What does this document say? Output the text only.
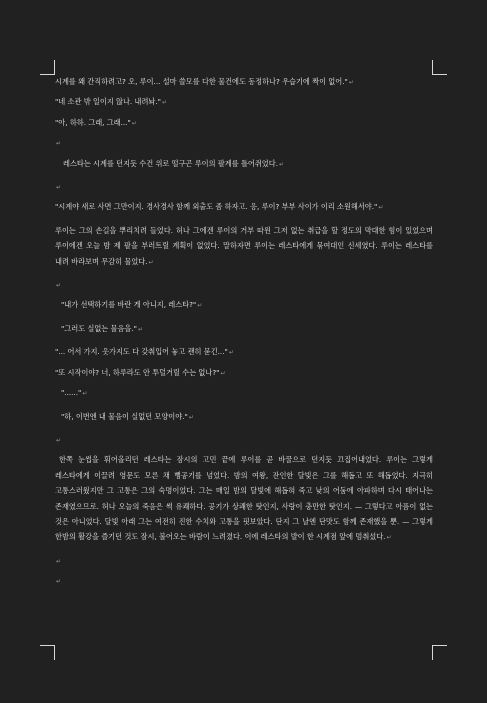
시계를 왜 간직하려고? 오, 루이... 설마 쓸모를 다한 물건에도 동정하나? 우습기에 짝이 없어."↵

"네 소관 밖 일이지 않나. 내려놔."↵

"아, 하하. 그래, 그래..."↵

↵

레스타는 시계를 던지듯 수건 위로 떨구곤 루이의 팔계를 틀어쥐었다.↵

↵

"시계야 새로 사면 그만이지. 경사경사 함께 외출도 좀 하자고. 응, 루이? 부부 사이가 이리 소원해서야."↵

루이는 그의 손길을 뿌리치려 들었다. 허나 그에겐 루이의 거부 따윈 그저 없는 취급을 할 정도의 막대한 힘이 있었으며 루이에겐 오늘 밤 제 팔을 부러트릴 계획이 없었다. 말하자면 루이는 레스타에게 묶여대인 신세였다. 루이는 레스타를 내려 바라보며 무감히 물었다.↵

↵

"내가 선택하기를 바란 게 아니지, 레스타?"↵

"그러도 실없는 물음을."↵

"... 어서 가지. 옷가지도 다 갖춰입어 놓고 괜히 묻긴..."↵

"또 시작이야? 너, 하루라도 안 투덜거릴 수는 없나?"↵

"......"↵

"하, 이번엔 내 물음이 실없던 모양이야."↵

↵

한쪽 눈썹을 휘어올리던 레스타는 잠시의 고민 끝에 루이를 곧 바꿀으로 던지듯 끄집어내었다. 루이는 그렇게 레스타에게 이끌려 영문도 모른 채 뻥공기를 넘었다. 밤의 여왕, 잔인한 달빛은 그를 해돕고 또 해돕었다. 지극히 고통스러웠지만 그 고통은 그의 숙명이었다. 그는 매일 밤의 달빛에 해돕혀 죽고 낮의 어둠에 아파하며 다시 태어나는 존재였으므로. 허나 오늘의 죽음은 썩 유쾌하다. 공기가 상쾌한 탓인지, 사랑이 충만한 탓인지. — 그렇다고 아픔이 없는 것은 아니었다. 달빛 아래 그는 여전히 진한 수치와 고통을 핏보았다. 단지 그 날엔 단맛도 함께 존재했을 뿐. — 그렇게 한밤의 활강을 즐기던 것도 잠시, 불어오는 바람이 느려졌다. 이에 레스타의 발이 한 시계점 앞에 멈춰섰다.↵

↵

↵
